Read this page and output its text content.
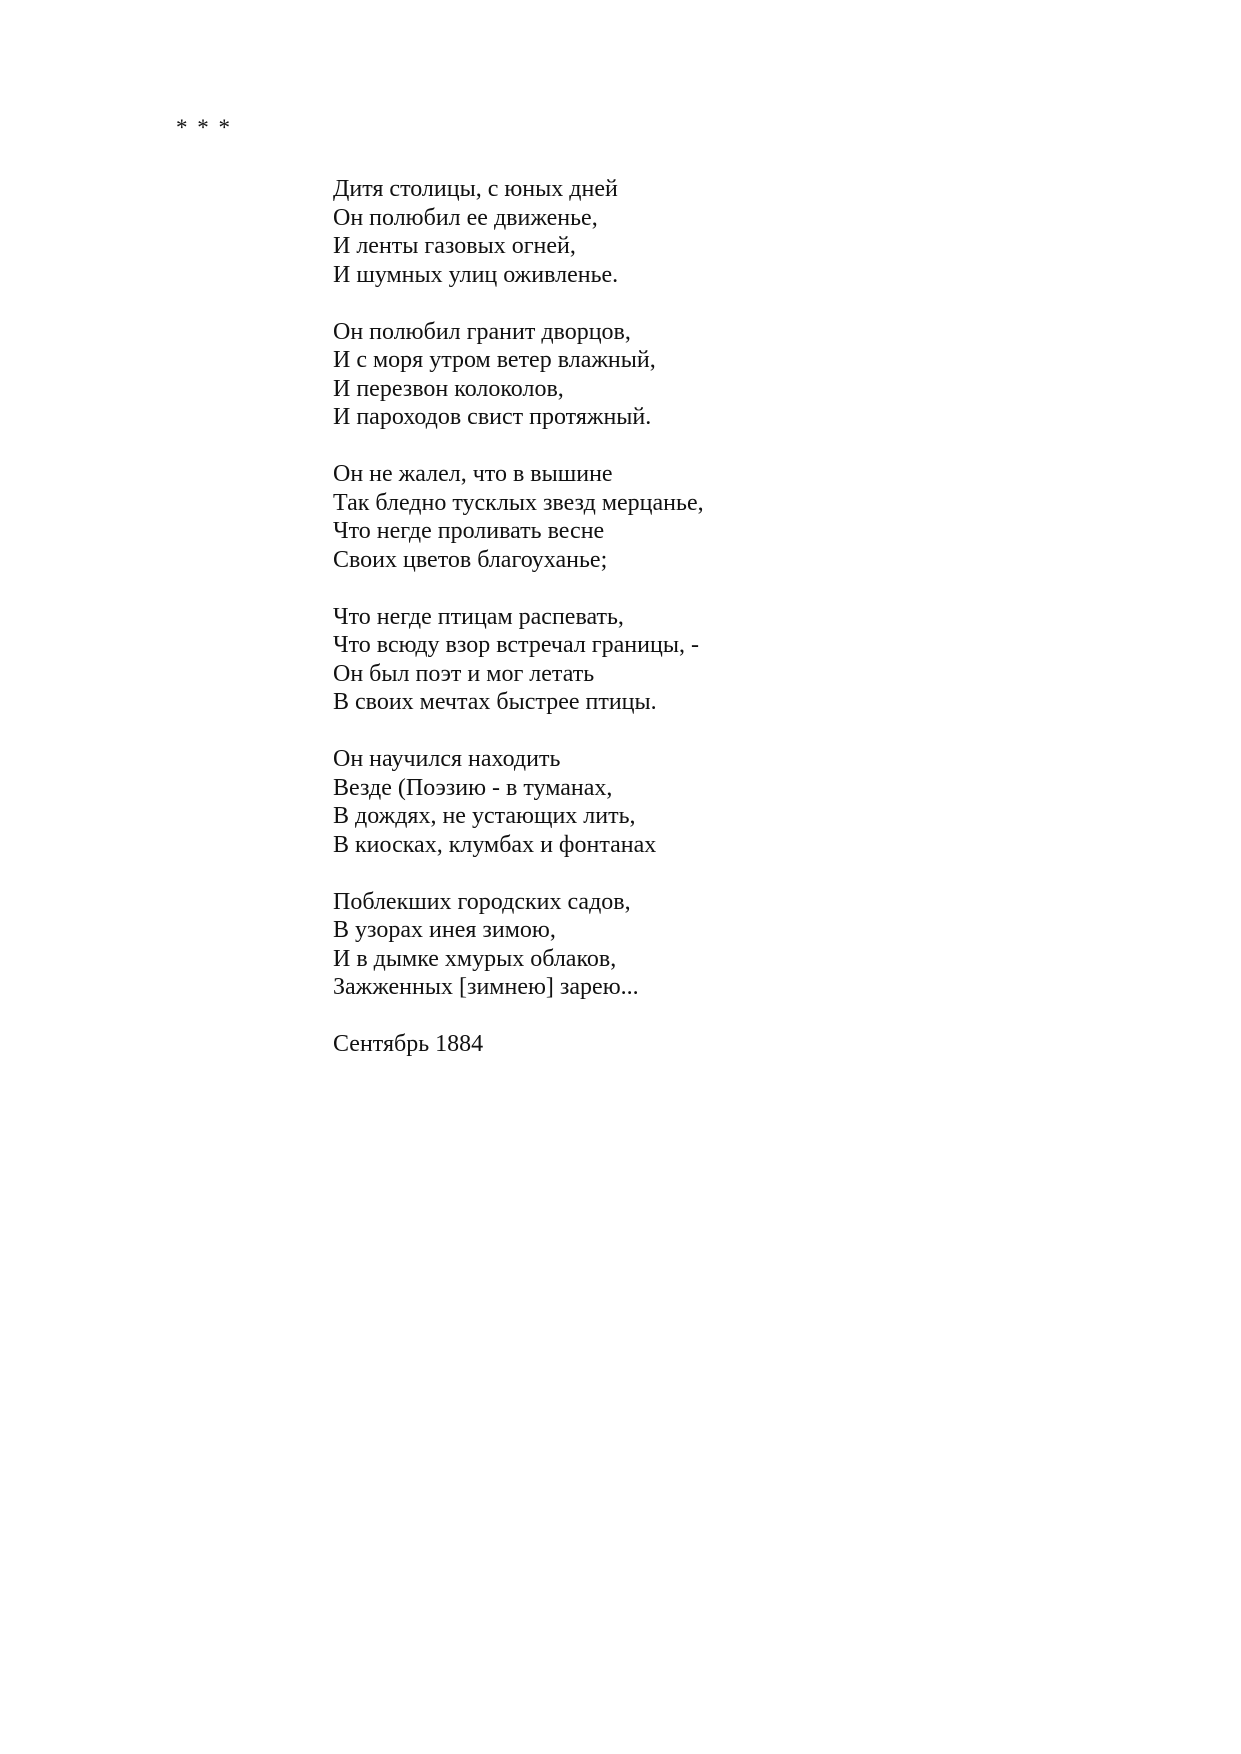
* * *

Дитя столицы, с юных дней
Он полюбил ее движенье,
И ленты газовых огней,
И шумных улиц оживленье.
Он полюбил гранит дворцов,
И с моря утром ветер влажный,
И перезвон колоколов,
И пароходов свист протяжный.
Он не жалел, что в вышине
Так бледно тусклых звезд мерцанье,
Что негде проливать весне
Своих цветов благоуханье;
Что негде птицам распевать,
Что всюду взор встречал границы, -
Он был поэт и мог летать
В своих мечтах быстрее птицы.
Он научился находить
Везде (Поэзию - в туманах,
В дождях, не устающих лить,
В киосках, клумбах и фонтанах
Поблекших городских садов,
В узорах инея зимою,
И в дымке хмурых облаков,
Зажженных [зимнею] зарею...

Сентябрь 1884
